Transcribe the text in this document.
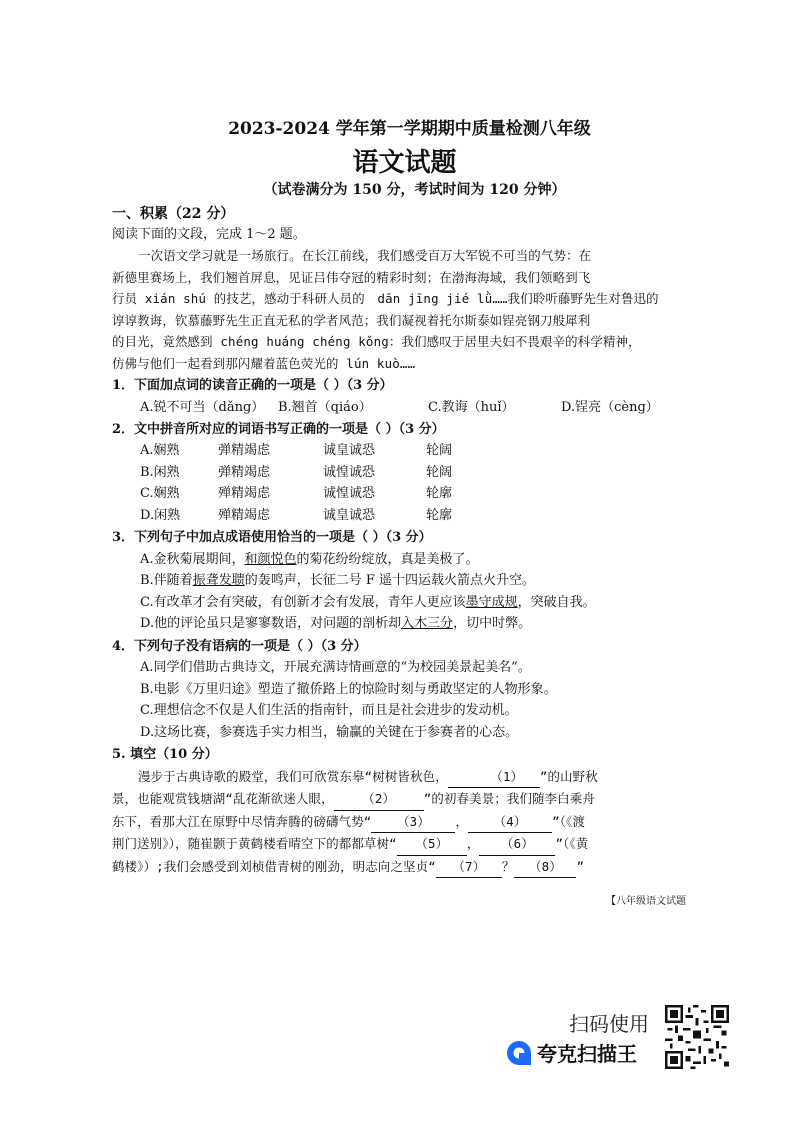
2023-2024 学年第一学期期中质量检测八年级
语文试题
（试卷满分为 150 分，考试时间为 120 分钟）
一、积累（22 分）
阅读下面的文段，完成 1～2 题。
一次语文学习就是一场旅行。在长江前线，我们感受百万大军锐不可当的气势：在
新德里赛场上，我们翘首屏息，见证吕伟夺冠的精彩时刻；在渤海海域，我们领略到飞
行员 xián shú 的技艺，感动于科研人员的　dān jīng jié lǜ……我们聆听藤野先生对鲁迅的
谆谆教诲，钦慕藤野先生正直无私的学者风范；我们凝视着托尔斯泰如锃亮钢刀般犀利
的目光，竟然感到 chéng huáng chéng kǒng：我们感叹于居里夫妇不畏艰辛的科学精神，
仿佛与他们一起看到那闪耀着蓝色荧光的 lún kuò……
1．下面加点词的读音正确的一项是（ ）（3 分）
A.锐不可当（dǎng）	B.翘首（qiáo）	C.教诲（huǐ）	D.锃亮（cèng）
2．文中拼音所对应的词语书写正确的一项是（ ）（3 分）
A.娴熟	弹精竭虑	诚皇诚恐	轮阔
B.闲熟	弹精竭虑	诚惶诚恐	轮阔
C.娴熟	殚精竭虑	诚惶诚恐	轮廓
D.闲熟	殚精竭虑	诚皇诚恐	轮廓
3．下列句子中加点成语使用恰当的一项是（ ）（3 分）
A.金秋菊展期间，和颜悦色的菊花纷纷绽放，真是美极了。
B.伴随着振聋发聩的轰鸣声，长征二号 F 遥十四运载火箭点火升空。
C.有改革才会有突破，有创新才会有发展，青年人更应该墨守成规，突破自我。
D.他的评论虽只是寥寥数语，对问题的剖析却入木三分，切中时弊。
4．下列句子没有语病的一项是（ ）（3 分）
A.同学们借助古典诗文，开展充满诗情画意的“为校园美景起美名”。
B.电影《万里归途》塑造了撤侨路上的惊险时刻与勇敢坚定的人物形象。
C.理想信念不仅是人们生活的指南针，而且是社会进步的发动机。
D.这场比赛，参赛选手实力相当，输赢的关键在于参赛者的心态。
5. 填空（10 分）
漫步于古典诗歌的殿堂，我们可欣赏东皋“树树皆秋色，	（1） ”的山野秋
景，也能观赏钱塘湖“乱花渐欲迷人眼， （2） ”的初春美景；我们随李白乘舟
东下，看那大江在原野中尽情奔腾的磅礴气势“ （3） ， （4） ”（《渡
荆门送别》），随崔颢于黄鹤楼看晴空下的都都草树“ （5） ， （6） ”（《黄
鹤楼》）;我们会感受到刘桢借青树的刚劲，明志向之坚贞“ （7） ？ （8） ”
【八年级语文试题
扫码使用
夸克扫描王
